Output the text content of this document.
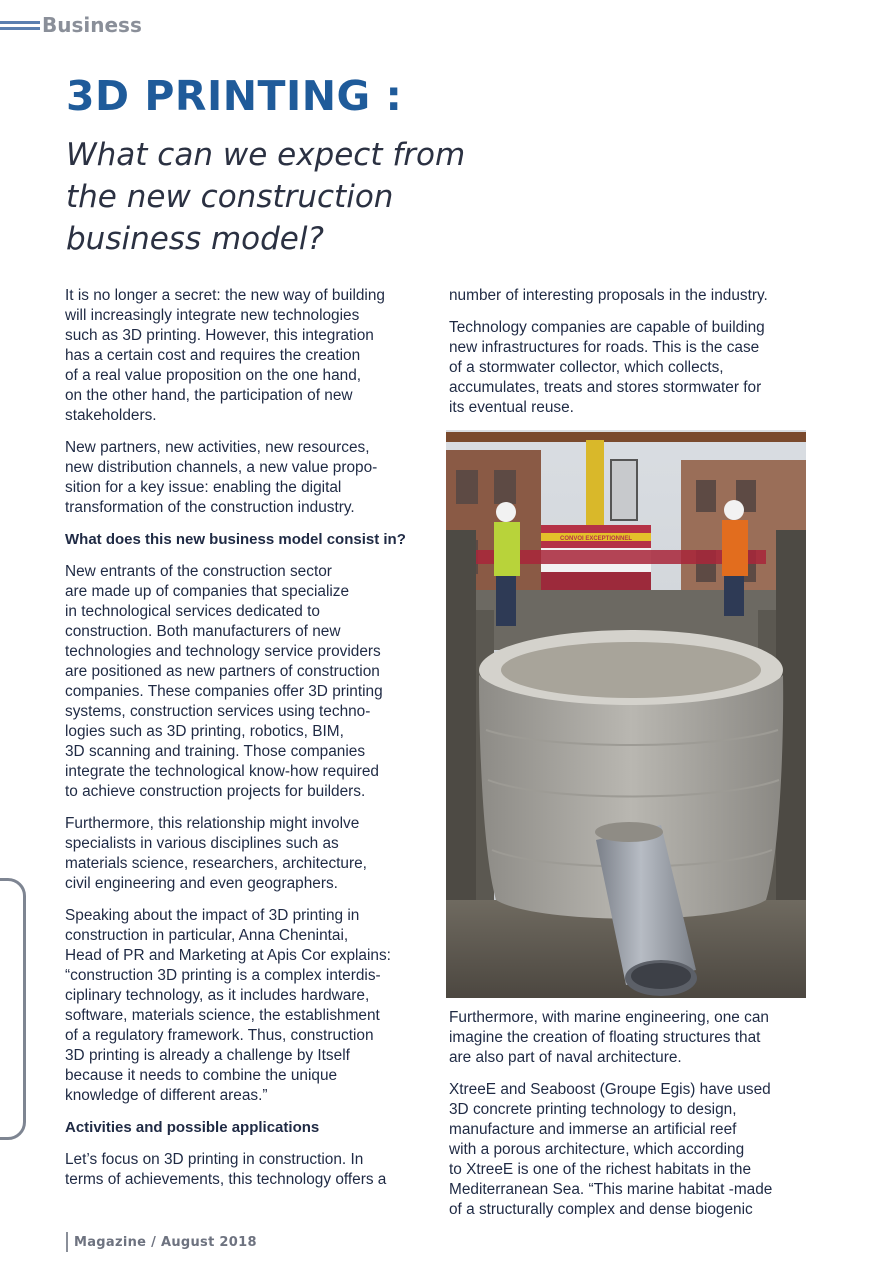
Business
3D PRINTING :
What can we expect from
the new construction
business model?

It is no longer a secret: the new way of building
will increasingly integrate new technologies
such as 3D printing. However, this integration
has a certain cost and requires the creation
of a real value proposition on the one hand,
on the other hand, the participation of new
stakeholders.

New partners, new activities, new resources,
new distribution channels, a new value propo-
sition for a key issue: enabling the digital
transformation of the construction industry.

What does this new business model consist in?

New entrants of the construction sector
are made up of companies that specialize
in technological services dedicated to
construction. Both manufacturers of new
technologies and technology service providers
are positioned as new partners of construction
companies. These companies offer 3D printing
systems, construction services using techno-
logies such as 3D printing, robotics, BIM,
3D scanning and training. Those companies
integrate the technological know-how required
to achieve construction projects for builders.

Furthermore, this relationship might involve
specialists in various disciplines such as
materials science, researchers, architecture,
civil engineering and even geographers.

Speaking about the impact of 3D printing in
construction in particular, Anna Chenintai,
Head of PR and Marketing at Apis Cor explains:
“construction 3D printing is a complex interdis-
ciplinary technology, as it includes hardware,
software, materials science, the establishment
of a regulatory framework. Thus, construction
3D printing is already a challenge by Itself
because it needs to combine the unique
knowledge of different areas.”

Activities and possible applications

Let’s focus on 3D printing in construction. In
terms of achievements, this technology offers a

number of interesting proposals in the industry.

Technology companies are capable of building
new infrastructures for roads. This is the case
of a stormwater collector, which collects,
accumulates, treats and stores stormwater for
its eventual reuse.

CONVOI EXCEPTIONNEL

Furthermore, with marine engineering, one can
imagine the creation of floating structures that
are also part of naval architecture.

XtreeE and Seaboost (Groupe Egis) have used
3D concrete printing technology to design,
manufacture and immerse an artificial reef
with a porous architecture, which according
to XtreeE is one of the richest habitats in the
Mediterranean Sea. “This marine habitat -made
of a structurally complex and dense biogenic

Magazine / August 2018
